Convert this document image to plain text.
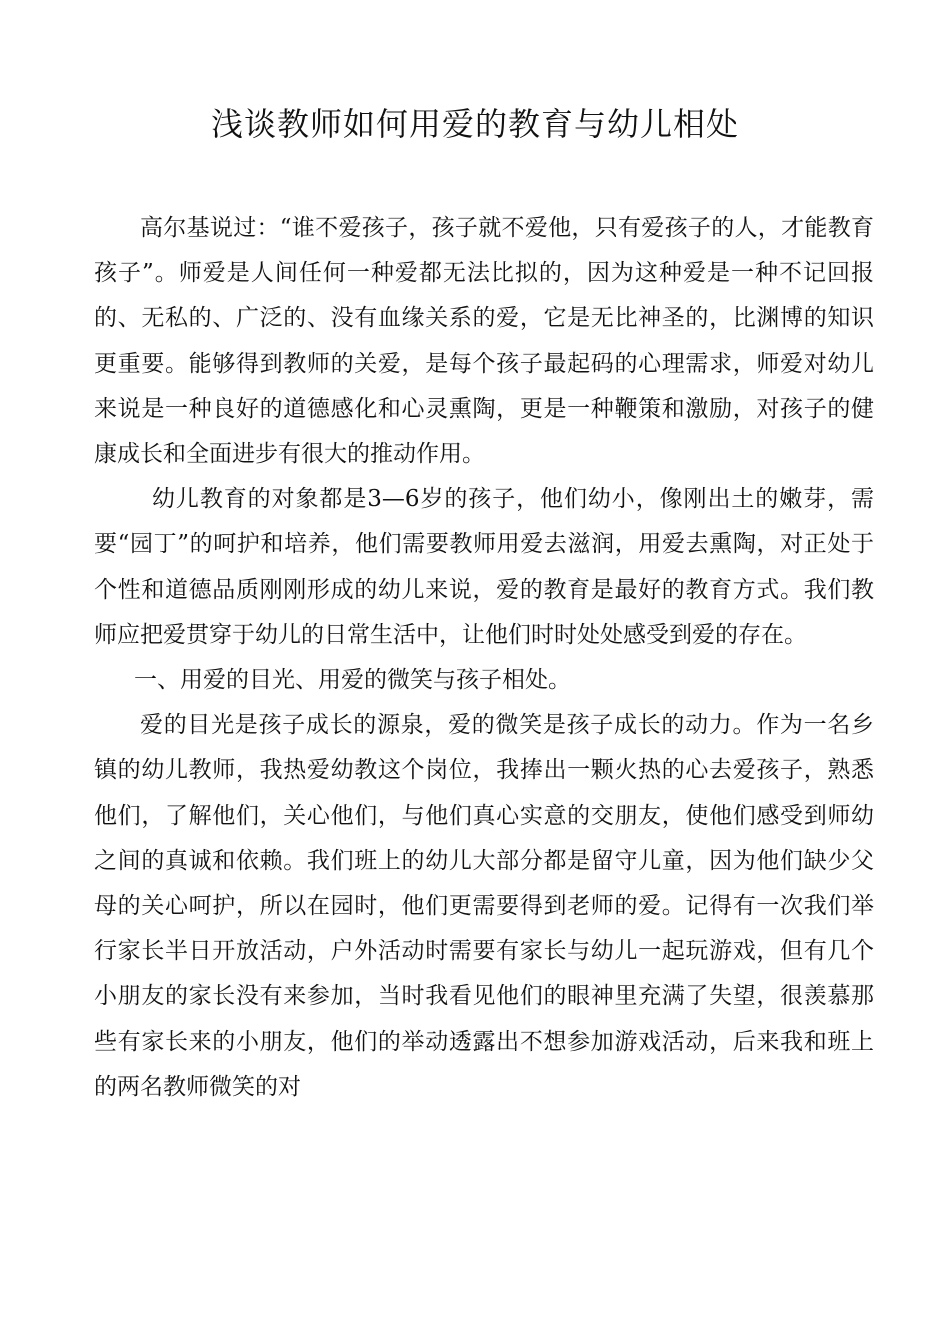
浅谈教师如何用爱的教育与幼儿相处

高尔基说过：“谁不爱孩子，孩子就不爱他，只有爱孩子的人，才能教育孩子”。师爱是人间任何一种爱都无法比拟的，因为这种爱是一种不记回报的、无私的、广泛的、没有血缘关系的爱，它是无比神圣的，比渊博的知识更重要。能够得到教师的关爱，是每个孩子最起码的心理需求，师爱对幼儿来说是一种良好的道德感化和心灵熏陶，更是一种鞭策和激励，对孩子的健康成长和全面进步有很大的推动作用。

幼儿教育的对象都是3—6岁的孩子，他们幼小，像刚出土的嫩芽，需要“园丁”的呵护和培养，他们需要教师用爱去滋润，用爱去熏陶，对正处于个性和道德品质刚刚形成的幼儿来说，爱的教育是最好的教育方式。我们教师应把爱贯穿于幼儿的日常生活中，让他们时时处处感受到爱的存在。

一、用爱的目光、用爱的微笑与孩子相处。

爱的目光是孩子成长的源泉，爱的微笑是孩子成长的动力。作为一名乡镇的幼儿教师，我热爱幼教这个岗位，我捧出一颗火热的心去爱孩子，熟悉他们，了解他们，关心他们，与他们真心实意的交朋友，使他们感受到师幼之间的真诚和依赖。我们班上的幼儿大部分都是留守儿童，因为他们缺少父母的关心呵护，所以在园时，他们更需要得到老师的爱。记得有一次我们举行家长半日开放活动，户外活动时需要有家长与幼儿一起玩游戏，但有几个小朋友的家长没有来参加，当时我看见他们的眼神里充满了失望，很羡慕那些有家长来的小朋友，他们的举动透露出不想参加游戏活动，后来我和班上的两名教师微笑的对
